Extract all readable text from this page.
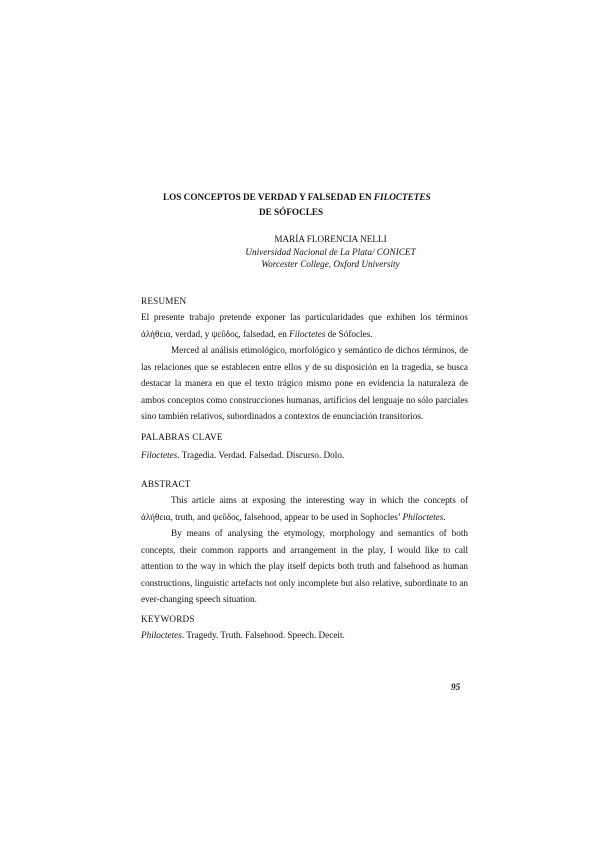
LOS CONCEPTOS DE VERDAD Y FALSEDAD EN FILOCTETES
DE SÓFOCLES
MARÍA FLORENCIA NELLI
Universidad Nacional de La Plata/ CONICET
Worcester College, Oxford University
RESUMEN

El presente trabajo pretende exponer las particularidades que exhiben los términos ἀλήθεια, verdad, y ψεῦδος, falsedad, en Filoctetes de Sófocles.

Merced al análisis etimológico, morfológico y semántico de dichos términos, de las relaciones que se establecen entre ellos y de su disposición en la tragedia, se busca destacar la manera en que el texto trágico mismo pone en evidencia la naturaleza de ambos conceptos como construcciones humanas, artificios del lenguaje no sólo parciales sino también relativos, subordinados a contextos de enunciación transitorios.

PALABRAS CLAVE

Filoctetes. Tragedia. Verdad. Falsedad. Discurso. Dolo.

ABSTRACT

This article aims at exposing the interesting way in which the concepts of ἀλήθεια, truth, and ψεῦδος, falsehood, appear to be used in Sophocles’ Philoctetes.

By means of analysing the etymology, morphology and semantics of both concepts, their common rapports and arrangement in the play, I would like to call attention to the way in which the play itself depicts both truth and falsehood as human constructions, linguistic artefacts not only incomplete but also relative, subordinate to an ever-changing speech situation.

KEYWORDS

Philoctetes. Tragedy. Truth. Falsehood. Speech. Deceit.

95
